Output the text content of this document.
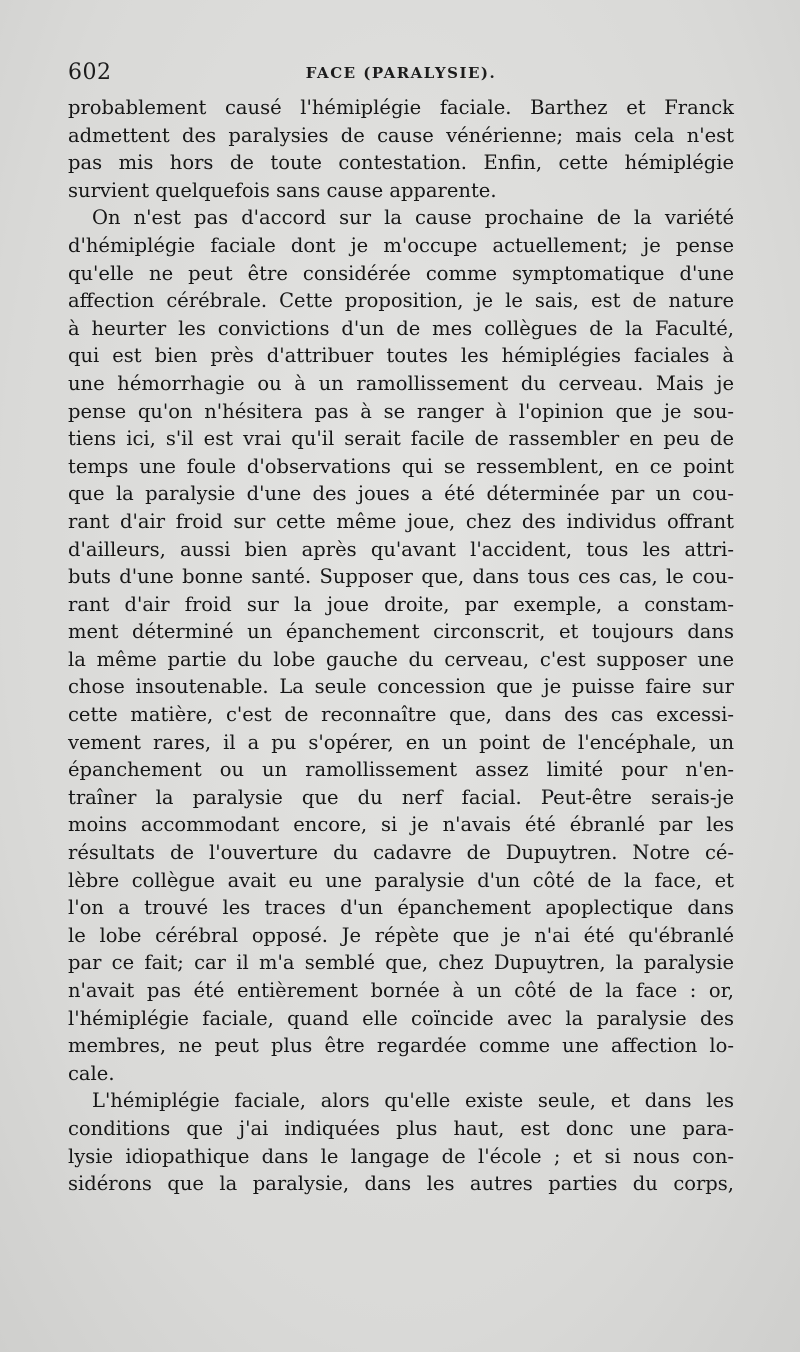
602	FACE (PARALYSIE).
probablement causé l'hémiplégie faciale. Barthez et Franck
admettent des paralysies de cause vénérienne; mais cela n'est
pas mis hors de toute contestation. Enfin, cette hémiplégie
survient quelquefois sans cause apparente.
On n'est pas d'accord sur la cause prochaine de la variété
d'hémiplégie faciale dont je m'occupe actuellement; je pense
qu'elle ne peut être considérée comme symptomatique d'une
affection cérébrale. Cette proposition, je le sais, est de nature
à heurter les convictions d'un de mes collègues de la Faculté,
qui est bien près d'attribuer toutes les hémiplégies faciales à
une hémorrhagie ou à un ramollissement du cerveau. Mais je
pense qu'on n'hésitera pas à se ranger à l'opinion que je sou-
tiens ici, s'il est vrai qu'il serait facile de rassembler en peu de
temps une foule d'observations qui se ressemblent, en ce point
que la paralysie d'une des joues a été déterminée par un cou-
rant d'air froid sur cette même joue, chez des individus offrant
d'ailleurs, aussi bien après qu'avant l'accident, tous les attri-
buts d'une bonne santé. Supposer que, dans tous ces cas, le cou-
rant d'air froid sur la joue droite, par exemple, a constam-
ment déterminé un épanchement circonscrit, et toujours dans
la même partie du lobe gauche du cerveau, c'est supposer une
chose insoutenable. La seule concession que je puisse faire sur
cette matière, c'est de reconnaître que, dans des cas excessi-
vement rares, il a pu s'opérer, en un point de l'encéphale, un
épanchement ou un ramollissement assez limité pour n'en-
traîner la paralysie que du nerf facial. Peut-être serais-je
moins accommodant encore, si je n'avais été ébranlé par les
résultats de l'ouverture du cadavre de Dupuytren. Notre cé-
lèbre collègue avait eu une paralysie d'un côté de la face, et
l'on a trouvé les traces d'un épanchement apoplectique dans
le lobe cérébral opposé. Je répète que je n'ai été qu'ébranlé
par ce fait; car il m'a semblé que, chez Dupuytren, la paralysie
n'avait pas été entièrement bornée à un côté de la face : or,
l'hémiplégie faciale, quand elle coïncide avec la paralysie des
membres, ne peut plus être regardée comme une affection lo-
cale.
L'hémiplégie faciale, alors qu'elle existe seule, et dans les
conditions que j'ai indiquées plus haut, est donc une para-
lysie idiopathique dans le langage de l'école ; et si nous con-
sidérons que la paralysie, dans les autres parties du corps,
